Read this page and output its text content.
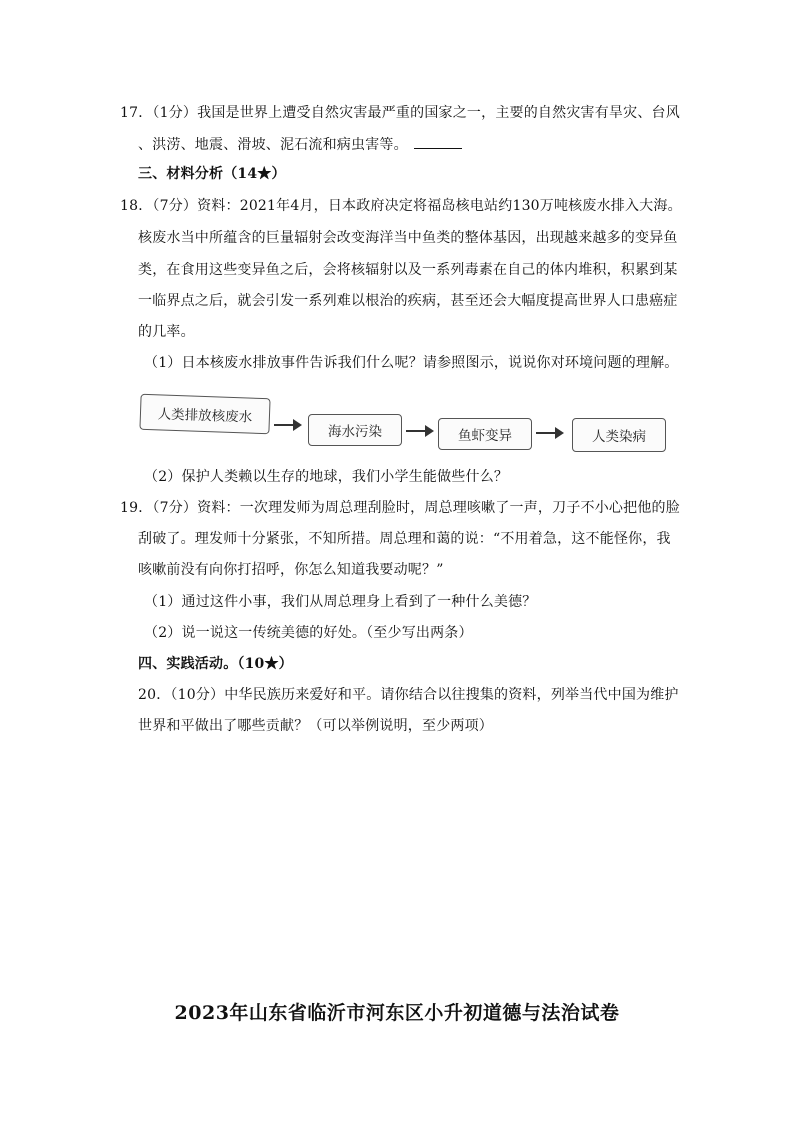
17．（1分）我国是世界上遭受自然灾害最严重的国家之一，主要的自然灾害有旱灾、台风
、洪涝、地震、滑坡、泥石流和病虫害等。
三、材料分析（14★）
18．（7分）资料：2021年4月，日本政府决定将福岛核电站约130万吨核废水排入大海。
核废水当中所蕴含的巨量辐射会改变海洋当中鱼类的整体基因，出现越来越多的变异鱼
类，在食用这些变异鱼之后，会将核辐射以及一系列毒素在自己的体内堆积，积累到某
一临界点之后，就会引发一系列难以根治的疾病，甚至还会大幅度提高世界人口患癌症
的几率。
（1）日本核废水排放事件告诉我们什么呢？请参照图示，说说你对环境问题的理解。
人类排放核废水
海水污染	鱼虾变异	人类染病
（2）保护人类赖以生存的地球，我们小学生能做些什么？
19．（7分）资料：一次理发师为周总理刮脸时，周总理咳嗽了一声，刀子不小心把他的脸
刮破了。理发师十分紧张，不知所措。周总理和蔼的说：“不用着急，这不能怪你，我
咳嗽前没有向你打招呼，你怎么知道我要动呢？”
（1）通过这件小事，我们从周总理身上看到了一种什么美德？
（2）说一说这一传统美德的好处。（至少写出两条）
四、实践活动。（10★）
20．（10分）中华民族历来爱好和平。请你结合以往搜集的资料，列举当代中国为维护
世界和平做出了哪些贡献？（可以举例说明，至少两项）
2023年山东省临沂市河东区小升初道德与法治试卷
